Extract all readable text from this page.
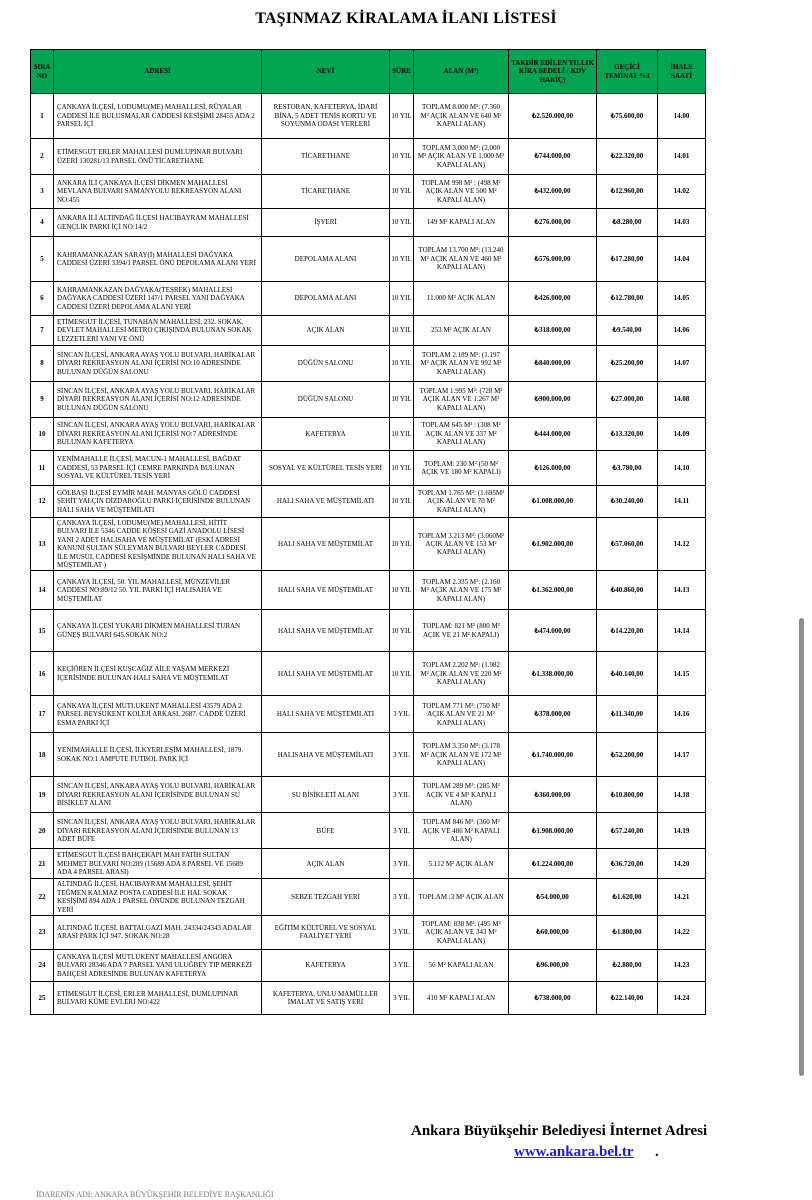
TAŞINMAZ KİRALAMA İLANI LİSTESİ
SIRA NO	ADRESİ	NEVİ	SÜRE	ALAN (M²)	TAKDİR EDİLEN YILLIK KİRA BEDELİ ( KDV HARİÇ)	GEÇİCİ TEMİNAT %3	İHALE SAATİ
1	ÇANKAYA İLÇESİ, LODUMU(ME) MAHALLESİ, RÜYALAR CADDESİ İLE BULUSMALAR CADDESİ KESİŞİMİ 28455 ADA 2 PARSEL İÇİ	RESTORAN, KAFETERYA, İDARİ BİNA, 5 ADET TENİS KORTU VE SOYUNMA ODASI YERLERİ	10 YIL	TOPLAM 8.000 M²: (7.360 M² AÇIK ALAN VE 640 M² KAPALI ALAN)	₺2.520.000,00	₺75.600,00	14.00
2	ETİMESGUT ERLER MAHALLESİ DUMLUPINAR BULVARI ÜZERİ 130281/13 PARSEL ÖNÜ TİCARETHANE	TİCARETHANE	10 YIL	TOPLAM 3.000 M²: (2.000 M² AÇIK ALAN VE 1.000 M² KAPALI ALAN)	₺744.000,00	₺22.320,00	14.01
3	ANKARA İLİ ÇANKAYA İLÇESİ DİKMEN MAHALLESİ MEVLANA BULVARI SAMANYOLU REKREASYON ALANI NO:455	TİCARETHANE	10 YIL	TOPLAM 998 M² : (498 M² AÇIK ALAN VE 500 M² KAPALI ALAN)	₺432.000,00	₺12.960,00	14.02
4	ANKARA İLİ ALTINDAĞ İLÇESİ HACIBAYRAM MAHALLESİ GENÇLİK PARKI İÇİ NO:14/2	İŞYERİ	10 YIL	149 M² KAPALI ALAN	₺276.000,00	₺8.280,00	14.03
5	KAHRAMANKAZAN SARAY(İ) MAHALLESİ DAĞYAKA CADDESİ ÜZERİ 3394/1 PARSEL ÖNÜ DEPOLAMA ALANI YERİ	DEPOLAMA ALANI	10 YIL	TOPLAM 13.700 M²: (13.240 M² AÇIK ALAN VE 460 M² KAPALI ALAN)	₺576.000,00	₺17.280,00	14.04
6	KAHRAMANKAZAN DAĞYAKA(TEŞREK) MAHALLESİ DAĞYAKA CADDESİ ÜZERİ 147/1 PARSEL YANI DAĞYAKA CADDESİ ÜZERİ DEPOLAMA ALANI YERİ	DEPOLAMA ALANI	10 YIL	11.000 M² AÇIK ALAN	₺426.000,00	₺12.780,00	14.05
7	ETİMESGUT İLÇESİ, TUNAHAN MAHALLESİ, 232. SOKAK, DEVLET MAHALLESİ METRO ÇIKIŞINDA BULUNAN SOKAK LEZZETLERİ YANI VE ÖNÜ	AÇIK ALAN	10 YIL	253 M² AÇIK ALAN	₺318.000,00	₺9.540,00	14.06
8	SİNCAN İLÇESİ, ANKARA AYAŞ YOLU BULVARI, HARİKALAR DİYARI REKREASYON ALANI İÇERİSİ NO:10 ADRESİNDE BULUNAN DÜĞÜN SALONU	DÜĞÜN SALONU	10 YIL	TOPLAM 2.189 M²: (1.197 M² AÇIK ALAN VE 992 M² KAPALI ALAN)	₺840.000,00	₺25.200,00	14.07
9	SİNCAN İLÇESİ, ANKARA AYAŞ YOLU BULVARI, HARİKALAR DİYARI REKREASYON ALANI İÇERİSİ NO:12 ADRESİNDE BULUNAN DÜĞÜN SALONU	DÜĞÜN SALONU	10 YIL	TOPLAM 1.995 M²: (728 M² AÇIK ALAN VE 1.267 M² KAPALI ALAN)	₺900.000,00	₺27.000,00	14.08
10	SİNCAN İLÇESİ, ANKARA AYAŞ YOLU BULVARI, HARİKALAR DİYARI REKREASYON ALANI İÇERİSİ NO:7 ADRESİNDE BULUNAN KAFETERYA	KAFETERYA	10 YIL	TOPLAM 645 M² : (308 M² AÇIK ALAN VE 337 M² KAPALI ALAN)	₺444.000,00	₺13.320,00	14.09
11	YENİMAHALLE İLÇESİ, MACUN-1 MAHALLESİ, BAĞDAT CADDESİ, 53 PARSEL İÇİ CEMRE PARKINDA BULUNAN SOSYAL VE KÜLTÜREL TESİS YERİ	SOSYAL VE KÜLTÜREL TESİS YERİ	10 YIL	TOPLAM: 230 M² (50 M² AÇIK VE 180 M² KAPALI)	₺126.000,00	₺3.780,00	14.10
12	GÖLBAŞI İLÇESİ EYMİR MAH. MANYAS GÖLÜ CADDESİ ŞEHİT YALÇIN DİZDAROĞLU PARKI İÇERİSİNDE BULUNAN HALI SAHA VE MÜŞTEMİLATI	HALI SAHA VE MÜŞTEMİLATI	10 YIL	TOPLAM 1.765 M²: (1.695M² AÇIK ALAN VE 70 M² KAPALI ALAN)	₺1.008.000,00	₺30.240,00	14.11
13	ÇANKAYA İLÇESİ, LODUMU(ME) MAHALLESİ, HİTİT BULVARI İLE 5346 CADDE KÖŞESİ GAZİ ANADOLU LİSESİ YANI 2 ADET HALISAHA VE MÜŞTEMİLAT (ESKİ ADRESİ KANUNİ SULTAN SÜLEYMAN BULVARI BEYLER CADDESİ İLE MUSUL CADDESİ KESİŞMİNDE BULUNAN HALI SAHA VE MÜŞTEMİLAT )	HALI SAHA VE MÜŞTEMİLAT	10 YIL	TOPLAM 3.213 M²: (3.060M² AÇIK ALAN VE 153 M² KAPALI ALAN)	₺1.902.000,00	₺57.060,00	14.12
14	ÇANKAYA İLÇESİ, 50. YIL MAHALLESİ, MÜNZEVİLER CADDESİ NO:89/12 50. YIL PARKI İÇİ HALISAHA VE MÜŞTEMİLAT	HALI SAHA VE MÜŞTEMİLAT	10 YIL	TOPLAM 2.335 M²: (2.160 M² AÇIK ALAN VE 175 M² KAPALI ALAN)	₺1.362.000,00	₺40.860,00	14.13
15	ÇANKAYA İLÇESİ YUKARI DİKMEN MAHALLESİ TURAN GÜNEŞ BULVARI 645.SOKAK NO:2	HALI SAHA VE MÜŞTEMİLAT	10 YIL	TOPLAM: 821 M² (800 M² AÇIK VE 21 M² KAPALI)	₺474.000,00	₺14.220,00	14.14
16	KEÇİÖREN İLÇESİ KUŞCAĞIZ AİLE YAŞAM MERKEZİ İÇERİSİNDE BULUNAN HALI SAHA VE MÜŞTEMİLAT	HALI SAHA VE MÜŞTEMİLAT	10 YIL	TOPLAM 2.202 M²: (1.982 M² AÇIK ALAN VE 220 M² KAPALI ALAN)	₺1.338.000,00	₺40.140,00	14.15
17	ÇANKAYA İLÇESİ MUTLUKENT MAHALLESİ 43579 ADA 2 PARSEL BEYSUKENT KOLEJİ ARKASI, 2687. CADDE ÜZERİ ESMA PARKI İÇİ	HALI SAHA VE MÜŞTEMİLATI	3 YIL	TOPLAM 771 M²: (750 M² AÇIK ALAN VE 21 M² KAPALI ALAN)	₺378.000,00	₺11.340,00	14.16
18	YENİMAHALLE İLÇESİ, İLKYERLEŞİM MAHALLESİ, 1879. SOKAK NO:1 AMPUTE FUTBOL PARK İÇİ	HALISAHA VE MÜŞTEMİLATI	3 YIL	TOPLAM 3.350 M²: (3.178 M² AÇIK ALAN VE 172 M² KAPALI ALAN)	₺1.740.000,00	₺52.200,00	14.17
19	SİNCAN İLÇESİ, ANKARA AYAŞ YOLU BULVARI, HARİKALAR DİYARI REKREASYON ALANI İÇERİSİNDE BULUNAN SU BİSİKLET ALANI	SU BİSİKLETİ ALANI	3 YIL	TOPLAM 289 M²: (285 M² AÇIK VE 4 M² KAPALI ALAN)	₺360.000,00	₺10.800,00	14.18
20	SİNCAN İLÇESİ, ANKARA AYAŞ YOLU BULVARI, HARİKALAR DİYARI REKREASYON ALANI İÇERİSİNDE BULUNAN 13 ADET BÜFE	BÜFE	3 YIL	TOPLAM 846 M²: (360 M² AÇIK VE 486 M² KAPALI ALAN)	₺1.908.000,00	₺57.240,00	14.19
21	ETİMESGUT İLÇESİ BAHÇEKAPI MAH FATİH SULTAN MEHMET BULVARI NO:289 (15689 ADA 8 PARSEL VE 15689 ADA 4 PARSEL ARASI)	AÇIK ALAN	3 YIL	5.112 M² AÇIK ALAN	₺1.224.000,00	₺36.720,00	14.20
22	ALTINDAĞ İLÇESİ, HACIBAYRAM MAHALLESİ, ŞEHİT TEĞMEN KALMAZ POSTA CADDESİ İLE HAL SOKAK KESİŞİMİ 894 ADA 1 PARSEL ÖNÜNDE BULUNAN TEZGAH YERİ	SEBZE TEZGAH YERİ	3 YIL	TOPLAM :3 M² AÇIK ALAN	₺54.000,00	₺1.620,00	14.21
23	ALTINDAĞ İLÇESİ, BATTALGAZİ MAH. 24334/24343 ADALAR ARASI PARK İÇİ 947. SOKAK NO:28	EĞİTİM KÜLTÜREL VE SOSYAL FAALİYET YERİ	3 YIL	TOPLAM: 838 M²: (495 M² AÇIK ALAN VE 343 M² KAPALI ALAN)	₺60.000,00	₺1.800,00	14.22
24	ÇANKAYA İLÇESİ MUTLUKENT MAHALLESİ ANGORA BULVARI 28346 ADA 7 PARSEL YANI ULUĞBEY TIP MERKEZİ BAHÇESİ ADRESİNDE BULUNAN KAFETERYA	KAFETERYA	3 YIL	56 M² KAPALI ALAN	₺96.000,00	₺2.880,00	14.23
25	ETİMESGUT İLÇESİ, ERLER MAHALLESİ, DUMLUPINAR BULVARI KÜME EVLERİ NO:422	KAFETERYA, UNLU MAMÜLLER İMALAT VE SATIŞ YERİ	3 YIL	410 M² KAPALI ALAN	₺738.000,00	₺22.140,00	14.24
Ankara Büyükşehir Belediyesi İnternet Adresi
www.ankara.bel.tr .
İDARENİN ADI: ANKARA BÜYÜKŞEHİR BELEDİYE BAŞKANLIĞI
